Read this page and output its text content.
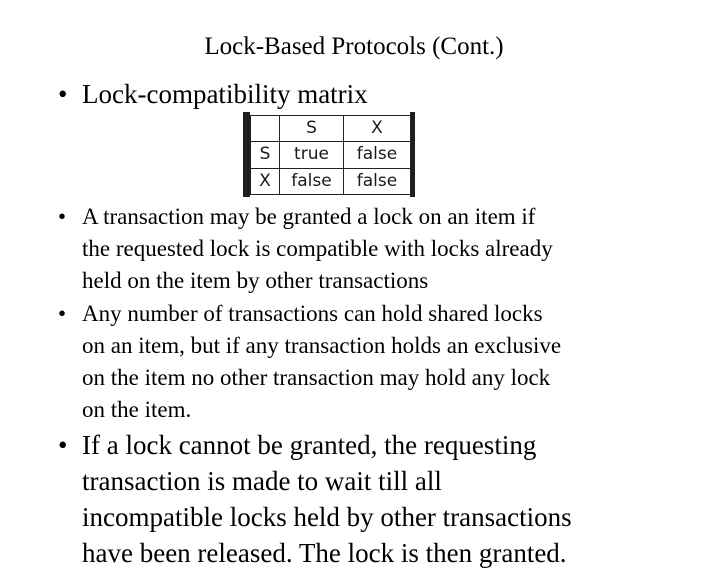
Lock-Based Protocols (Cont.)
• Lock-compatibility matrix
	S	X
S	true	false
X	false	false
• A transaction may be granted a lock on an item if
the requested lock is compatible with locks already
held on the item by other transactions
• Any number of transactions can hold shared locks
on an item, but if any transaction holds an exclusive
on the item no other transaction may hold any lock
on the item.
• If a lock cannot be granted, the requesting
transaction is made to wait till all
incompatible locks held by other transactions
have been released. The lock is then granted.
